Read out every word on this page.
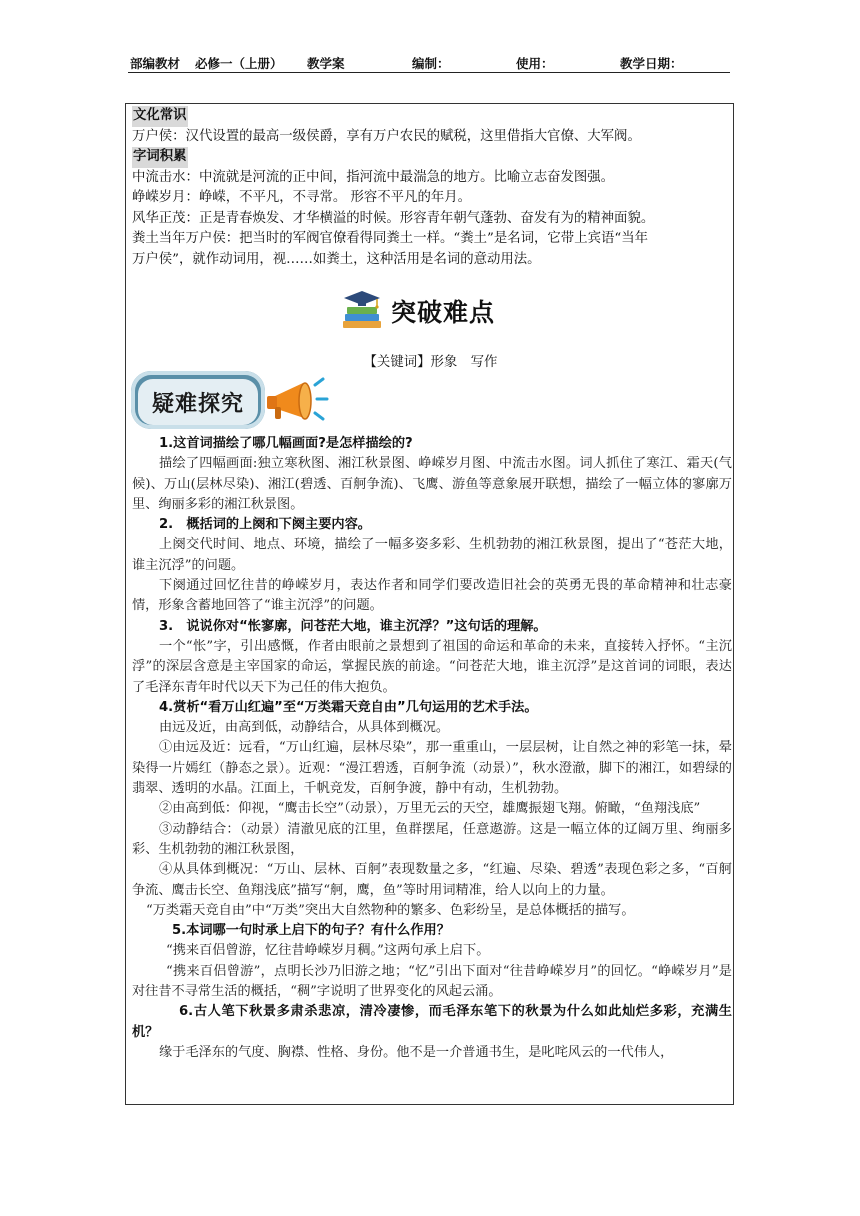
部编教材 必修一（上册） 教学案	编制：	使用：	教学日期：
文化常识
万户侯：汉代设置的最高一级侯爵，享有万户农民的赋税，这里借指大官僚、大军阀。
字词积累
中流击水：中流就是河流的正中间，指河流中最湍急的地方。比喻立志奋发图强。
峥嵘岁月：峥嵘，不平凡，不寻常。 形容不平凡的年月。
风华正茂：正是青春焕发、才华横溢的时候。形容青年朝气蓬勃、奋发有为的精神面貌。
粪土当年万户侯：把当时的军阀官僚看得同粪土一样。“粪土”是名词，它带上宾语“当年
万户侯”，就作动词用，视……如粪土，这种活用是名词的意动用法。
突破难点
【关键词】形象　写作
疑难探究
1.这首词描绘了哪几幅画面?是怎样描绘的?
描绘了四幅画面:独立寒秋图、湘江秋景图、峥嵘岁月图、中流击水图。词人抓住了寒江、霜天(气候)、万山(层林尽染)、湘江(碧透、百舸争流)、飞鹰、游鱼等意象展开联想，描绘了一幅立体的寥廓万里、绚丽多彩的湘江秋景图。
2.　概括词的上阕和下阕主要内容。
上阕交代时间、地点、环境，描绘了一幅多姿多彩、生机勃勃的湘江秋景图，提出了“苍茫大地，谁主沉浮”的问题。
下阕通过回忆往昔的峥嵘岁月，表达作者和同学们要改造旧社会的英勇无畏的革命精神和壮志豪情，形象含蓄地回答了“谁主沉浮”的问题。
3.　说说你对“怅寥廓，问苍茫大地，谁主沉浮？”这句话的理解。
一个“怅”字，引出感慨，作者由眼前之景想到了祖国的命运和革命的未来，直接转入抒怀。“主沉浮”的深层含意是主宰国家的命运，掌握民族的前途。“问苍茫大地，谁主沉浮”是这首词的词眼，表达了毛泽东青年时代以天下为己任的伟大抱负。
4.赏析“看万山红遍”至“万类霜天竞自由”几句运用的艺术手法。
由远及近，由高到低，动静结合，从具体到概况。
①由远及近：远看，“万山红遍，层林尽染”，那一重重山，一层层树，让自然之神的彩笔一抹，晕染得一片嫣红（静态之景）。近观：“漫江碧透，百舸争流（动景）”，秋水澄澈，脚下的湘江，如碧绿的翡翠、透明的水晶。江面上，千帆竞发，百舸争渡，静中有动，生机勃勃。
②由高到低：仰视，“鹰击长空”（动景），万里无云的天空，雄鹰振翅飞翔。俯瞰，“鱼翔浅底”
③动静结合：（动景）清澈见底的江里，鱼群摆尾，任意遨游。这是一幅立体的辽阔万里、绚丽多彩、生机勃勃的湘江秋景图，
④从具体到概况：“万山、层林、百舸”表现数量之多，“红遍、尽染、碧透”表现色彩之多，“百舸争流、鹰击长空、鱼翔浅底”描写“舸，鹰，鱼”等时用词精准，给人以向上的力量。
“万类霜天竞自由”中“万类”突出大自然物种的繁多、色彩纷呈，是总体概括的描写。
5.本词哪一句时承上启下的句子？有什么作用？
“携来百侣曾游，忆往昔峥嵘岁月稠。”这两句承上启下。
“携来百侣曾游”，点明长沙乃旧游之地；“忆”引出下面对“往昔峥嵘岁月”的回忆。“峥嵘岁月”是对往昔不寻常生活的概括，“稠”字说明了世界变化的风起云涌。
6.古人笔下秋景多肃杀悲凉，清冷凄惨，而毛泽东笔下的秋景为什么如此灿烂多彩，充满生机？
缘于毛泽东的气度、胸襟、性格、身份。他不是一介普通书生，是叱咤风云的一代伟人，
